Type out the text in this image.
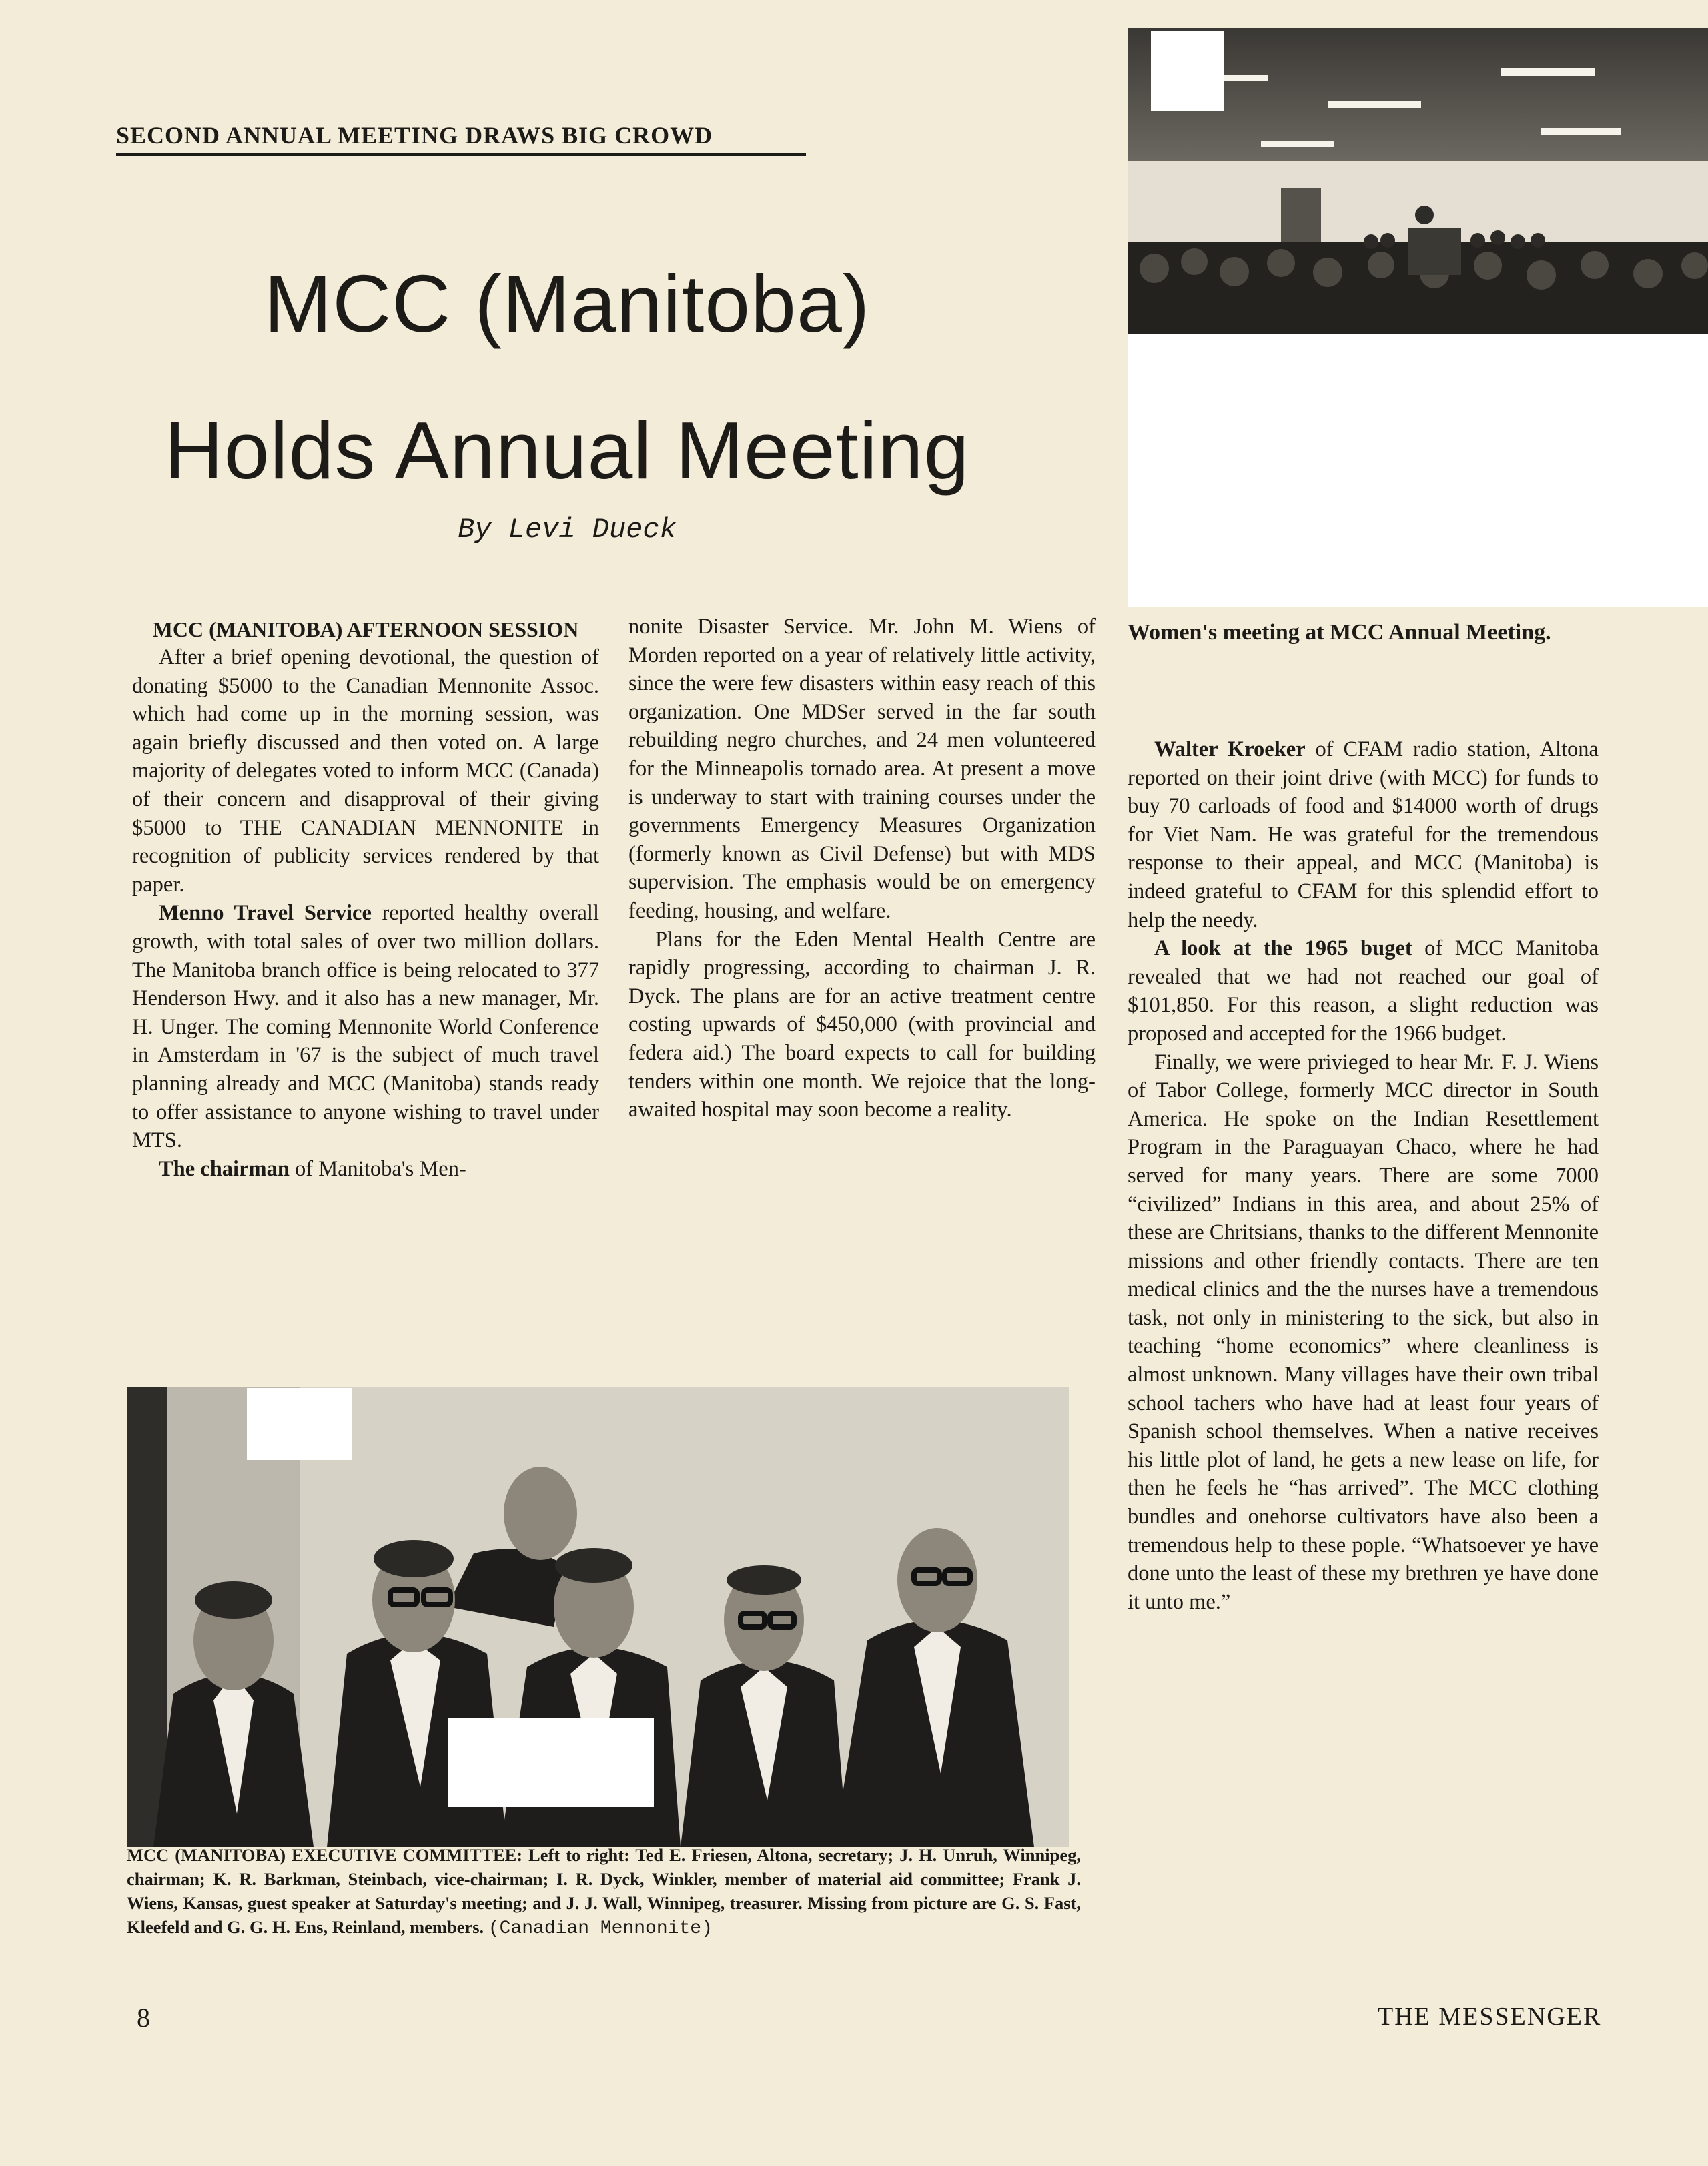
SECOND ANNUAL MEETING DRAWS BIG CROWD
MCC (Manitoba)
Holds Annual Meeting
By Levi Dueck
Women's meeting at MCC Annual Meeting.
MCC (MANITOBA) AFTERNOON SESSION

After a brief opening devotional, the question of donating $5000 to the Canadian Mennonite Assoc. which had come up in the morning session, was again briefly discussed and then voted on. A large majority of delegates voted to inform MCC (Canada) of their concern and disapproval of their giving $5000 to THE CANADIAN MENNONITE in recognition of publicity services rendered by that paper.

Menno Travel Service reported healthy overall growth, with total sales of over two million dollars. The Manitoba branch office is being relocated to 377 Henderson Hwy. and it also has a new manager, Mr. H. Unger. The coming Mennonite World Conference in Amsterdam in '67 is the subject of much travel planning already and MCC (Manitoba) stands ready to offer assistance to anyone wishing to travel under MTS.

The chairman of Manitoba's Men-

nonite Disaster Service. Mr. John M. Wiens of Morden reported on a year of relatively little activity, since the were few disasters within easy reach of this organization. One MDSer served in the far south rebuilding negro churches, and 24 men volunteered for the Minneapolis tornado area. At present a move is underway to start with training courses under the governments Emergency Measures Organization (formerly known as Civil Defense) but with MDS supervision. The emphasis would be on emergency feeding, housing, and welfare.

Plans for the Eden Mental Health Centre are rapidly progressing, according to chairman J. R. Dyck. The plans are for an active treatment centre costing upwards of $450,000 (with provincial and federa aid.) The board expects to call for building tenders within one month. We rejoice that the long-awaited hospital may soon become a reality.

Walter Kroeker of CFAM radio station, Altona reported on their joint drive (with MCC) for funds to buy 70 carloads of food and $14000 worth of drugs for Viet Nam. He was grateful for the tremendous response to their appeal, and MCC (Manitoba) is indeed grateful to CFAM for this splendid effort to help the needy.

A look at the 1965 buget of MCC Manitoba revealed that we had not reached our goal of $101,850. For this reason, a slight reduction was proposed and accepted for the 1966 budget.

Finally, we were privieged to hear Mr. F. J. Wiens of Tabor College, formerly MCC director in South America. He spoke on the Indian Resettlement Program in the Paraguayan Chaco, where he had served for many years. There are some 7000 “civilized” Indians in this area, and about 25% of these are Chritsians, thanks to the different Mennonite missions and other friendly contacts. There are ten medical clinics and the the nurses have a tremendous task, not only in ministering to the sick, but also in teaching “home economics” where cleanliness is almost unknown. Many villages have their own tribal school tachers who have had at least four years of Spanish school themselves. When a native receives his little plot of land, he gets a new lease on life, for then he feels he “has arrived”. The MCC clothing bundles and onehorse cultivators have also been a tremendous help to these pople. “Whatsoever ye have done unto the least of these my brethren ye have done it unto me.”

MCC (MANITOBA) EXECUTIVE COMMITTEE: Left to right: Ted E. Friesen, Altona, secretary; J. H. Unruh, Winnipeg, chairman; K. R. Barkman, Steinbach, vice-chairman; I. R. Dyck, Winkler, member of material aid committee; Frank J. Wiens, Kansas, guest speaker at Saturday's meeting; and J. J. Wall, Winnipeg, treasurer. Missing from picture are G. S. Fast, Kleefeld and G. G. H. Ens, Reinland, members. (Canadian Mennonite)
8	THE MESSENGER
